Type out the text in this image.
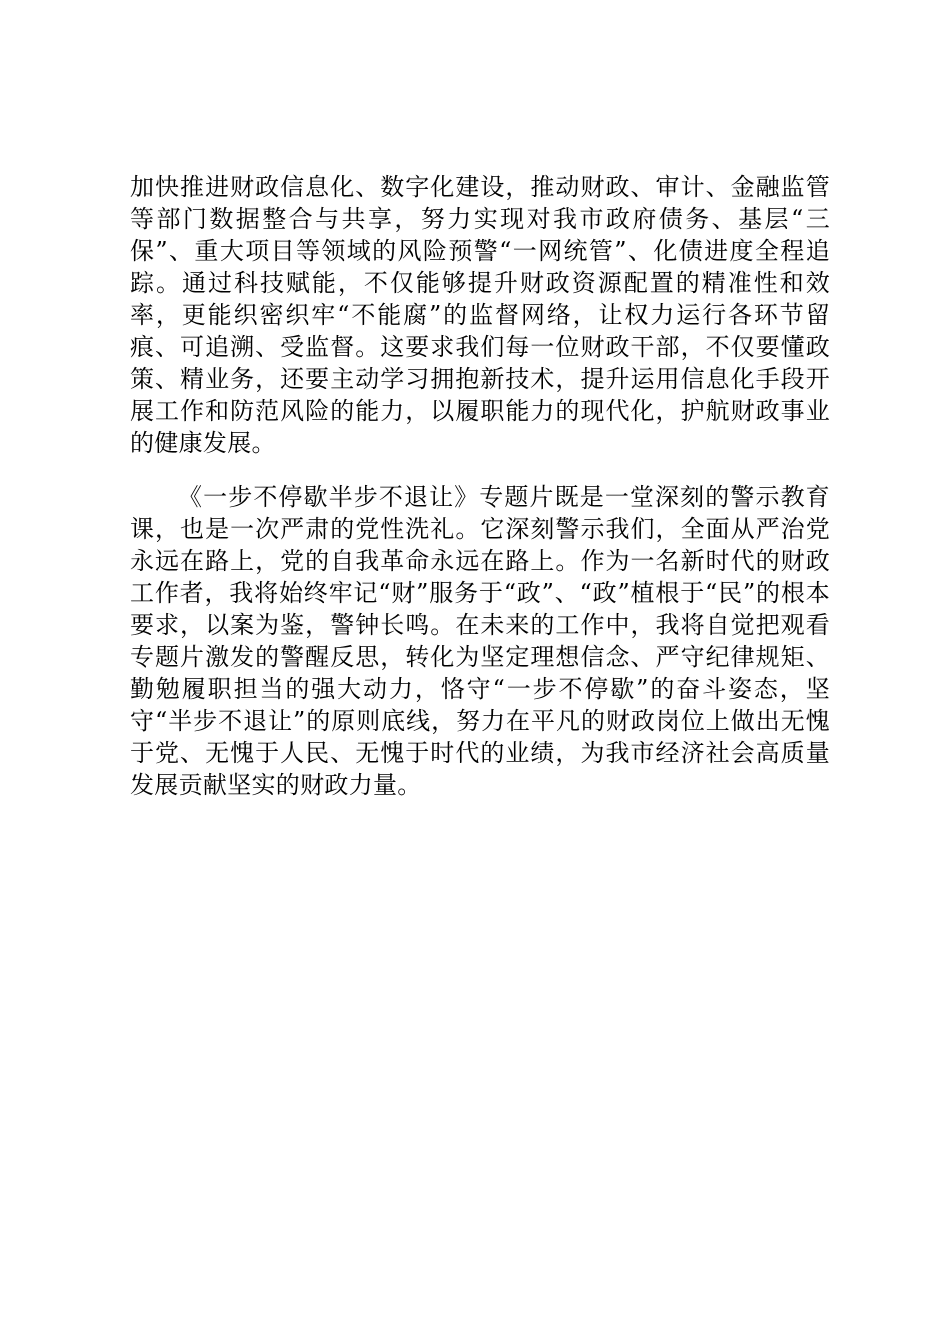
加快推进财政信息化、数字化建设，推动财政、审计、金融监管等部门数据整合与共享，努力实现对我市政府债务、基层“三保”、重大项目等领域的风险预警“一网统管”、化债进度全程追踪。通过科技赋能，不仅能够提升财政资源配置的精准性和效率，更能织密织牢“不能腐”的监督网络，让权力运行各环节留痕、可追溯、受监督。这要求我们每一位财政干部，不仅要懂政策、精业务，还要主动学习拥抱新技术，提升运用信息化手段开展工作和防范风险的能力，以履职能力的现代化，护航财政事业的健康发展。

《一步不停歇半步不退让》专题片既是一堂深刻的警示教育课，也是一次严肃的党性洗礼。它深刻警示我们，全面从严治党永远在路上，党的自我革命永远在路上。作为一名新时代的财政工作者，我将始终牢记“财”服务于“政”、“政”植根于“民”的根本要求，以案为鉴，警钟长鸣。在未来的工作中，我将自觉把观看专题片激发的警醒反思，转化为坚定理想信念、严守纪律规矩、勤勉履职担当的强大动力，恪守“一步不停歇”的奋斗姿态，坚守“半步不退让”的原则底线，努力在平凡的财政岗位上做出无愧于党、无愧于人民、无愧于时代的业绩，为我市经济社会高质量发展贡献坚实的财政力量。
